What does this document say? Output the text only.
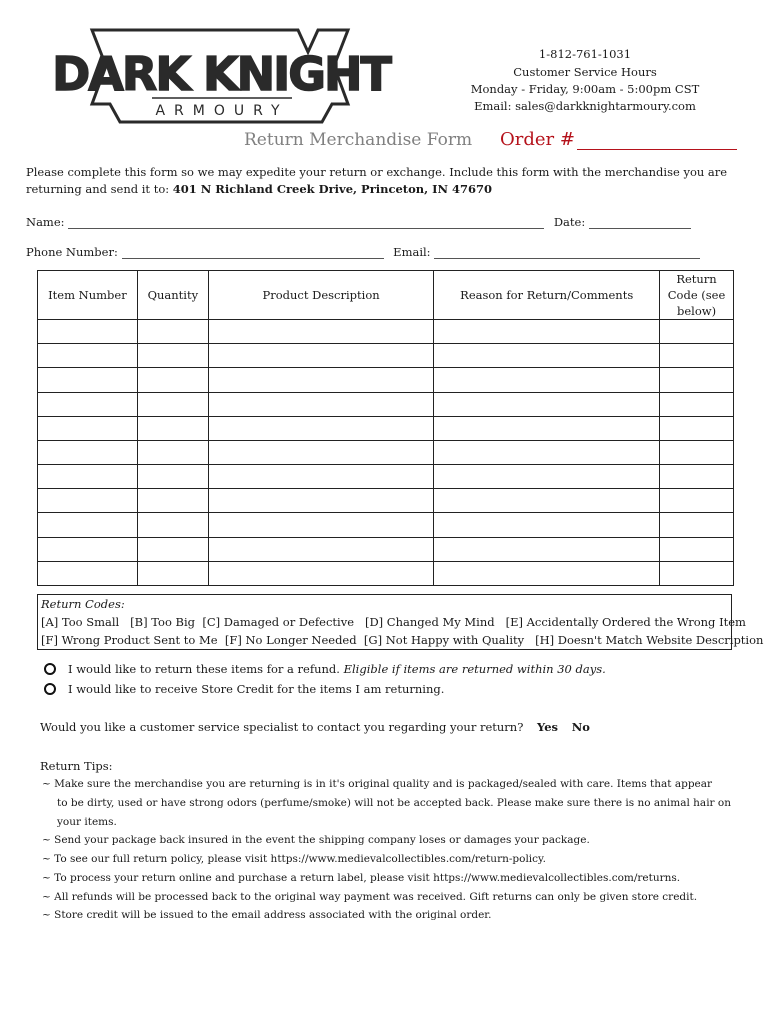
DARK KNIGHT
ARMOURY
1-812-761-1031
Customer Service Hours
Monday - Friday, 9:00am - 5:00pm CST
Email: sales@darkknightarmoury.com
Return Merchandise Form Order #
Please complete this form so we may expedite your return or exchange. Include this form with the merchandise you are returning and send it to: 401 N Richland Creek Drive, Princeton, IN 47670
Name:	Date:
Phone Number:	Email:
Item Number	Quantity	Product Description	Reason for Return/Comments	Return Code (see below)

Return Codes:
[A] Too Small   [B] Too Big  [C] Damaged or Defective   [D] Changed My Mind   [E] Accidentally Ordered the Wrong Item
[F] Wrong Product Sent to Me  [F] No Longer Needed  [G] Not Happy with Quality   [H] Doesn't Match Website Description
I would like to return these items for a refund. Eligible if items are returned within 30 days.
I would like to receive Store Credit for the items I am returning.
Would you like a customer service specialist to contact you regarding your return? Yes No
Return Tips:
~ Make sure the merchandise you are returning is in it's original quality and is packaged/sealed with care. Items that appear
to be dirty, used or have strong odors (perfume/smoke) will not be accepted back. Please make sure there is no animal hair on
your items.
~ Send your package back insured in the event the shipping company loses or damages your package.
~ To see our full return policy, please visit https://www.medievalcollectibles.com/return-policy.
~ To process your return online and purchase a return label, please visit https://www.medievalcollectibles.com/returns.
~ All refunds will be processed back to the original way payment was received. Gift returns can only be given store credit.
~ Store credit will be issued to the email address associated with the original order.
